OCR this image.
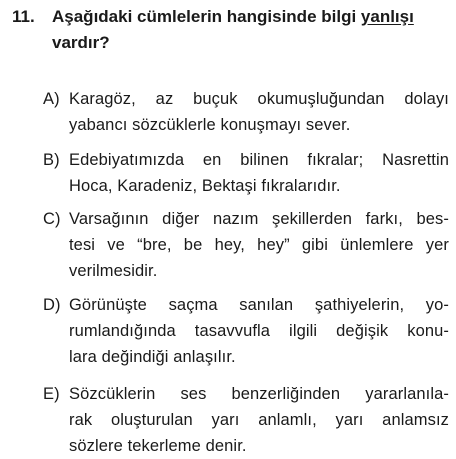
11.	Aşağıdaki cümlelerin hangisinde bilgi yanlışı
vardır?
A) Karagöz, az buçuk okumuşluğundan dolayı
yabancı sözcüklerle konuşmayı sever.
B) Edebiyatımızda en bilinen fıkralar; Nasrettin
Hoca, Karadeniz, Bektaşi fıkralarıdır.
C) Varsağının diğer nazım şekillerden farkı, bes-
tesi ve “bre, be hey, hey” gibi ünlemlere yer
verilmesidir.
D) Görünüşte saçma sanılan şathiyelerin, yo-
rumlandığında tasavvufla ilgili değişik konu-
lara değindiği anlaşılır.
E) Sözcüklerin ses benzerliğinden yararlanıla-
rak oluşturulan yarı anlamlı, yarı anlamsız
sözlere tekerleme denir.
